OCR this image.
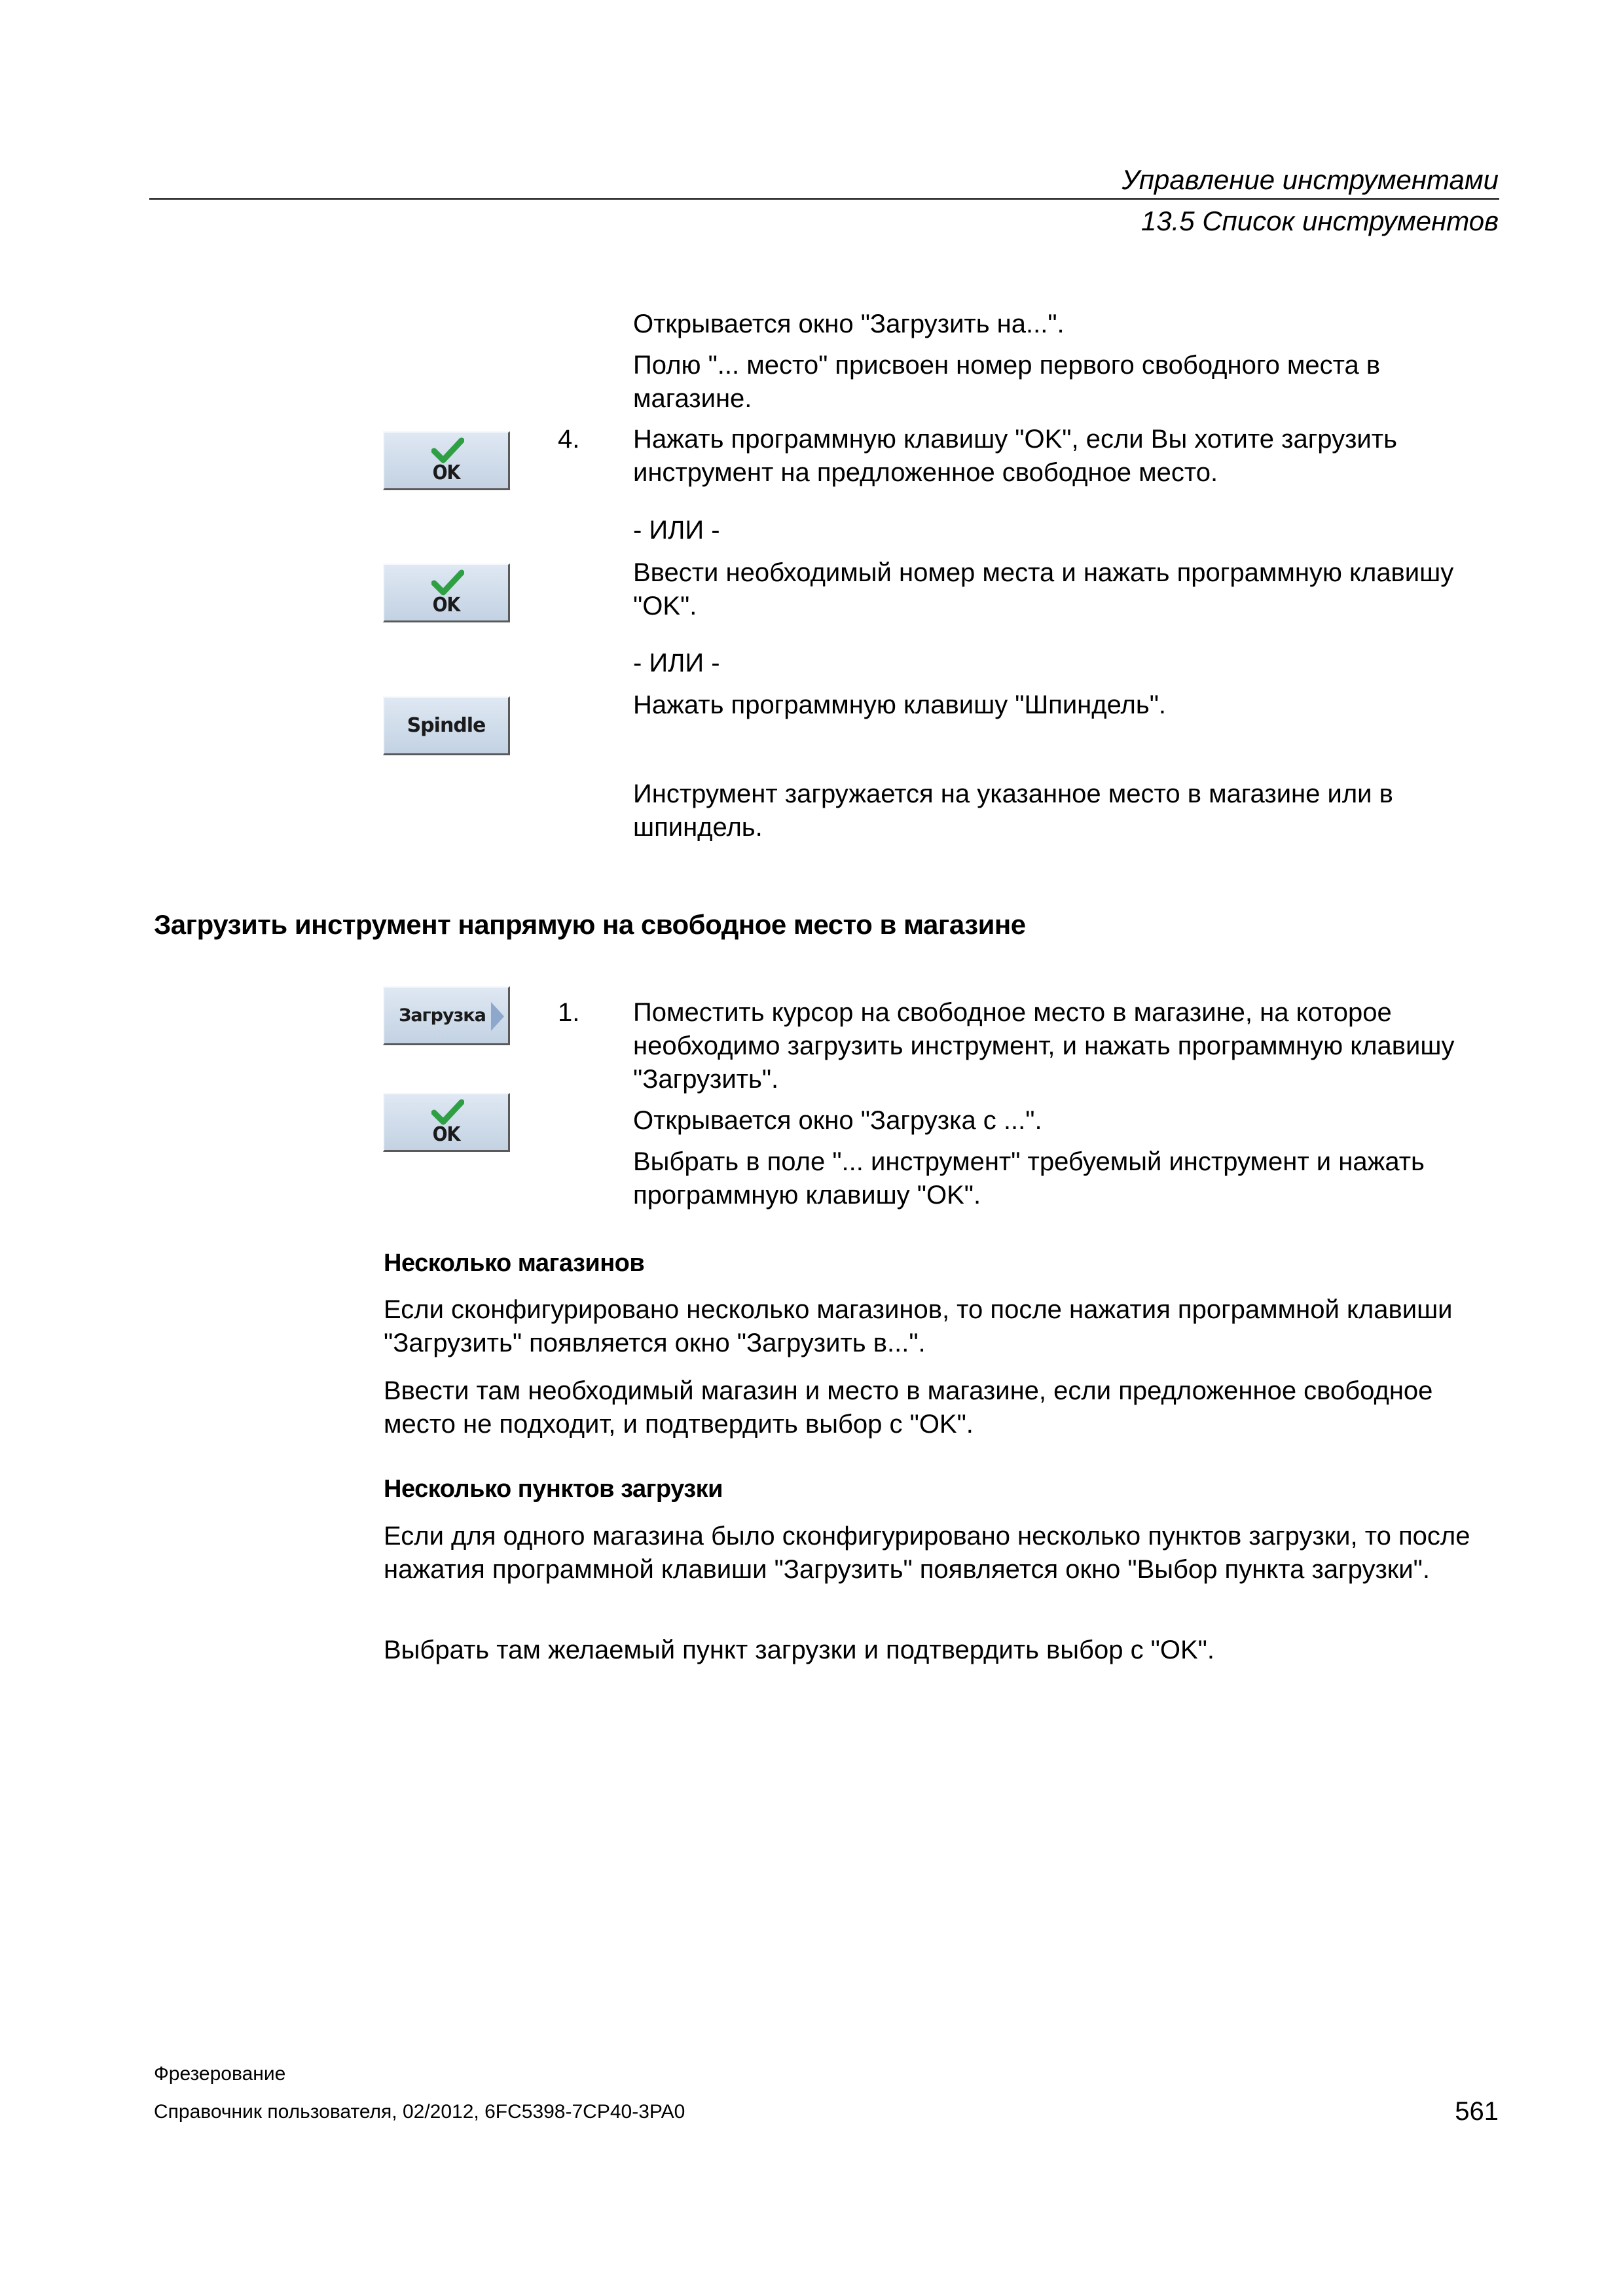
Управление инструментами
13.5 Список инструментов

Открывается окно "Загрузить на...".

Полю "... место" присвоен номер первого свободного места в магазине.

OK
4. Нажать программную клавишу "OK", если Вы хотите загрузить инструмент на предложенное свободное место.

- ИЛИ -

OK

Ввести необходимый номер места и нажать программную клавишу "OK".

- ИЛИ -

Spindle

Нажать программную клавишу "Шпиндель".

Инструмент загружается на указанное место в магазине или в шпиндель.

Загрузить инструмент напрямую на свободное место в магазине
Загрузка	1. Поместить курсор на свободное место в магазине, на которое необходимо загрузить инструмент, и нажать программную клавишу "Загрузить".

OK	Открывается окно "Загрузка с ...".

Выбрать в поле "... инструмент" требуемый инструмент и нажать программную клавишу "OK".

Несколько магазинов

Если сконфигурировано несколько магазинов, то после нажатия программной клавиши "Загрузить" появляется окно "Загрузить в...".

Ввести там необходимый магазин и место в магазине, если предложенное свободное место не подходит, и подтвердить выбор с "OK".

Несколько пунктов загрузки

Если для одного магазина было сконфигурировано несколько пунктов загрузки, то после нажатия программной клавиши "Загрузить" появляется окно "Выбор пункта загрузки".

Выбрать там желаемый пункт загрузки и подтвердить выбор с "OK".

Фрезерование
Справочник пользователя, 02/2012, 6FC5398-7CP40-3PA0	561
